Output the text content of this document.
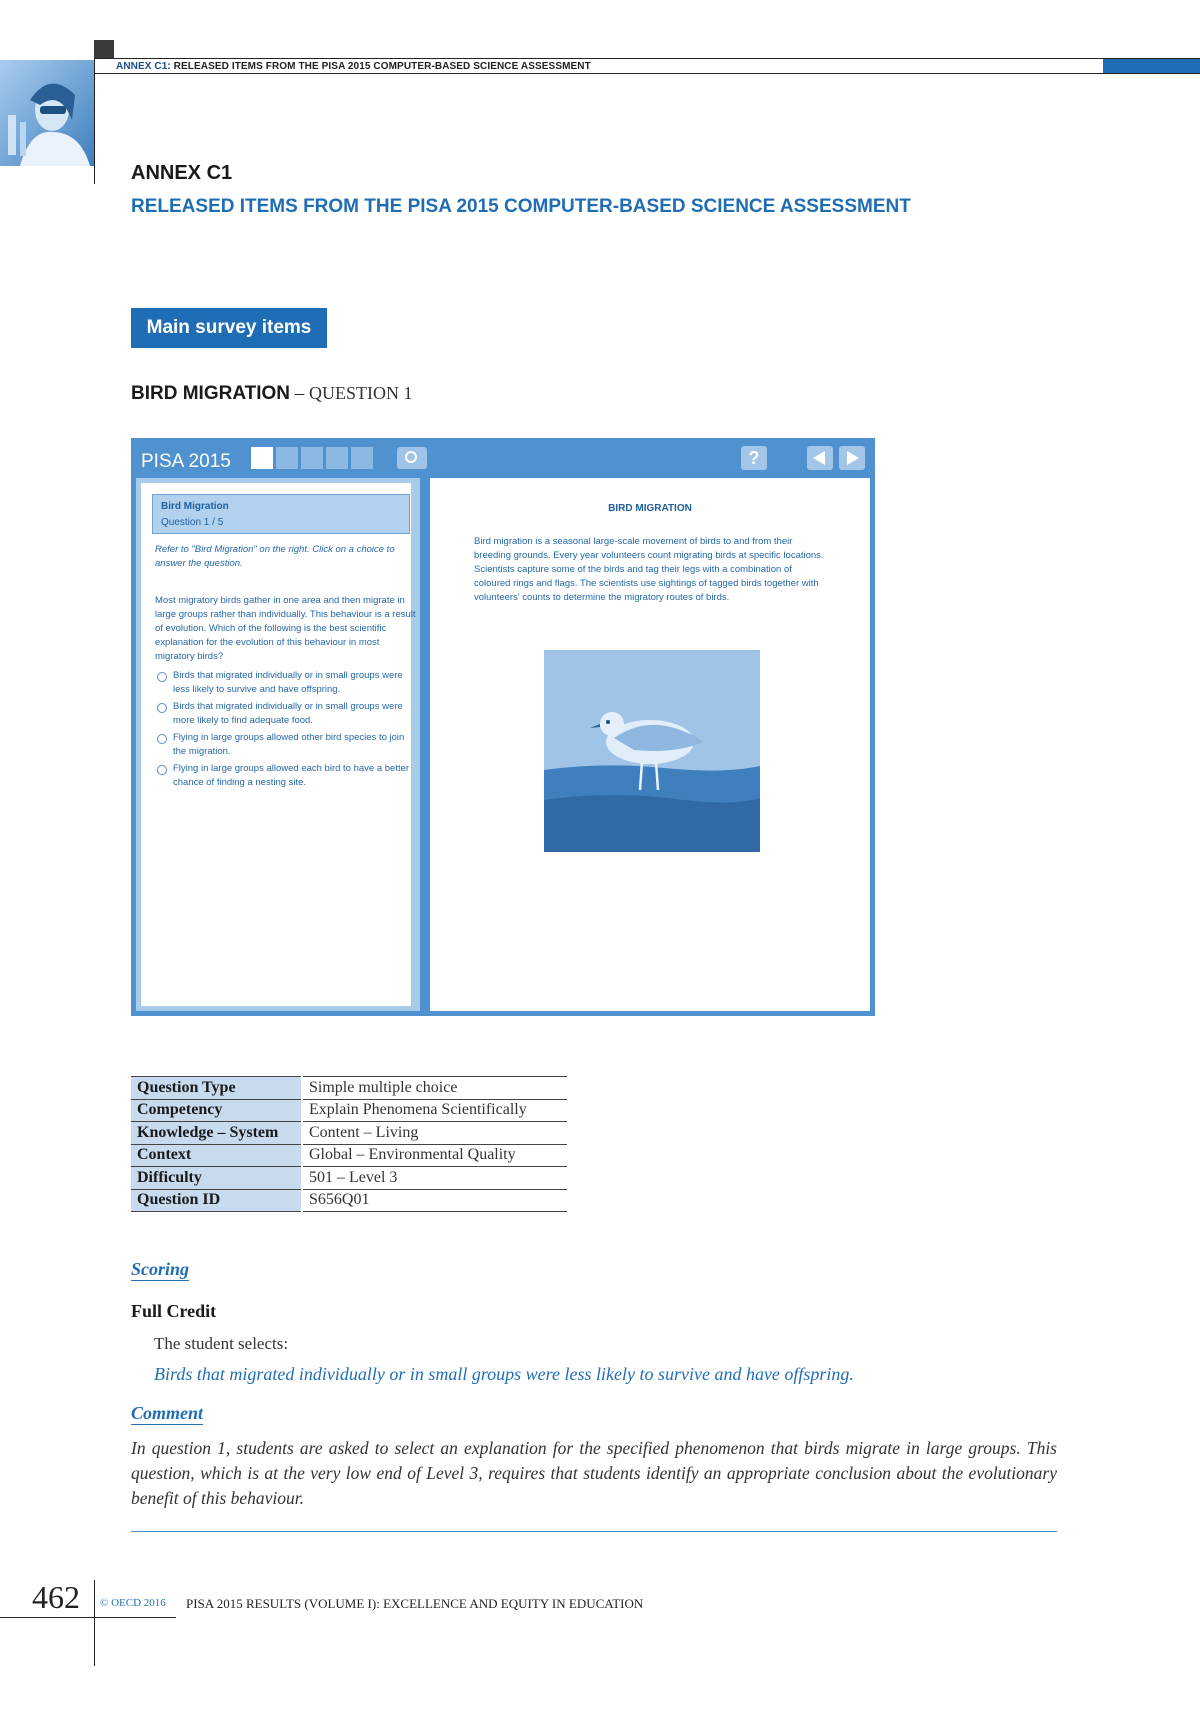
ANNEX C1: RELEASED ITEMS FROM THE PISA 2015 COMPUTER-BASED SCIENCE ASSESSMENT
ANNEX C1
RELEASED ITEMS FROM THE PISA 2015 COMPUTER-BASED SCIENCE ASSESSMENT
Main survey items
BIRD MIGRATION – QUESTION 1
PISA 2015	?
Bird Migration
Question 1 / 5
Refer to "Bird Migration" on the right. Click on a choice to answer the question.
Most migratory birds gather in one area and then migrate in large groups rather than individually. This behaviour is a result of evolution. Which of the following is the best scientific explanation for the evolution of this behaviour in most migratory birds?
Birds that migrated individually or in small groups were less likely to survive and have offspring.
Birds that migrated individually or in small groups were more likely to find adequate food.
Flying in large groups allowed other bird species to join the migration.
Flying in large groups allowed each bird to have a better chance of finding a nesting site.
BIRD MIGRATION
Bird migration is a seasonal large-scale movement of birds to and from their breeding grounds. Every year volunteers count migrating birds at specific locations. Scientists capture some of the birds and tag their legs with a combination of coloured rings and flags. The scientists use sightings of tagged birds together with volunteers' counts to determine the migratory routes of birds.
Question Type	Simple multiple choice
Competency	Explain Phenomena Scientifically
Knowledge – System	Content – Living
Context	Global – Environmental Quality
Difficulty	501 – Level 3
Question ID	S656Q01
Scoring
Full Credit
The student selects:
Birds that migrated individually or in small groups were less likely to survive and have offspring.
Comment
In question 1, students are asked to select an explanation for the specified phenomenon that birds migrate in large groups. This question, which is at the very low end of Level 3, requires that students identify an appropriate conclusion about the evolutionary benefit of this behaviour.
462 © OECD 2016 PISA 2015 RESULTS (VOLUME I): EXCELLENCE AND EQUITY IN EDUCATION
